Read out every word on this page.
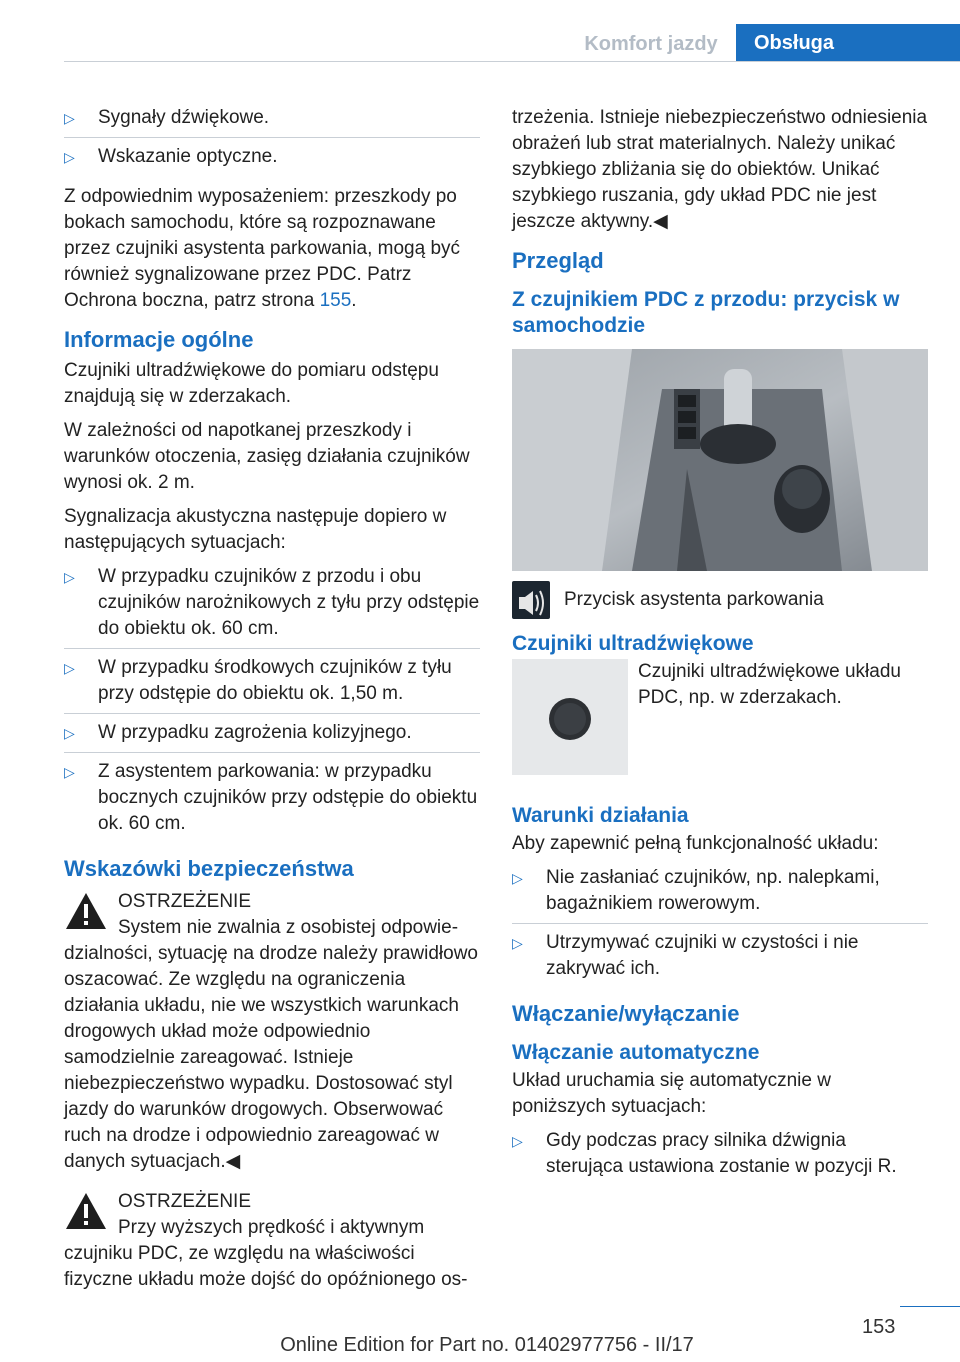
Komfort jazdy	Obsługa
▷ Sygnały dźwiękowe.
▷ Wskazanie optyczne.

Z odpowiednim wyposażeniem: przeszkody po bokach samochodu, które są rozpoznawane przez czujniki asystenta parkowania, mogą być również sygnalizowane przez PDC. Patrz Ochrona boczna, patrz strona 155.

Informacje ogólne

Czujniki ultradźwiękowe do pomiaru odstępu znajdują się w zderzakach.

W zależności od napotkanej przeszkody i warunków otoczenia, zasięg działania czujników wynosi ok. 2 m.

Sygnalizacja akustyczna następuje dopiero w następujących sytuacjach:

▷ W przypadku czujników z przodu i obu czujników narożnikowych z tyłu przy odstępie do obiektu ok. 60 cm.
▷ W przypadku środkowych czujników z tyłu przy odstępie do obiektu ok. 1,50 m.
▷ W przypadku zagrożenia kolizyjnego.
▷ Z asystentem parkowania: w przypadku bocznych czujników przy odstępie do obiektu ok. 60 cm.
Wskazówki bezpieczeństwa
OSTRZEŻENIE
System nie zwalnia z osobistej odpowie-
dzialności, sytuację na drodze należy prawidłowo oszacować. Ze względu na ograniczenia działania układu, nie we wszystkich warunkach drogowych układ może odpowiednio samodzielnie zareagować. Istnieje niebezpieczeństwo wypadku. Dostosować styl jazdy do warunków drogowych. Obserwować ruch na drodze i odpowiednio zareagować w danych sytuacjach.◀
OSTRZEŻENIE
Przy wyższych prędkość i aktywnym
czujniku PDC, ze względu na właściwości fizyczne układu może dojść do opóźnionego os-

trzeżenia. Istnieje niebezpieczeństwo odniesienia obrażeń lub strat materialnych. Należy unikać szybkiego zbliżania się do obiektów. Unikać szybkiego ruszania, gdy układ PDC nie jest jeszcze aktywny.◀

Przegląd
Z czujnikiem PDC z przodu: przycisk w samochodzie
Przycisk asystenta parkowania
Czujniki ultradźwiękowe
Czujniki ultradźwiękowe układu PDC, np. w zderzakach.
Warunki działania

Aby zapewnić pełną funkcjonalność układu:

▷ Nie zasłaniać czujników, np. nalepkami, bagażnikiem rowerowym.
▷ Utrzymywać czujniki w czystości i nie zakrywać ich.
Włączanie/wyłączanie
Włączanie automatyczne

Układ uruchamia się automatycznie w poniższych sytuacjach:

▷ Gdy podczas pracy silnika dźwignia sterująca ustawiona zostanie w pozycji R.
153
Online Edition for Part no. 01402977756 - II/17
